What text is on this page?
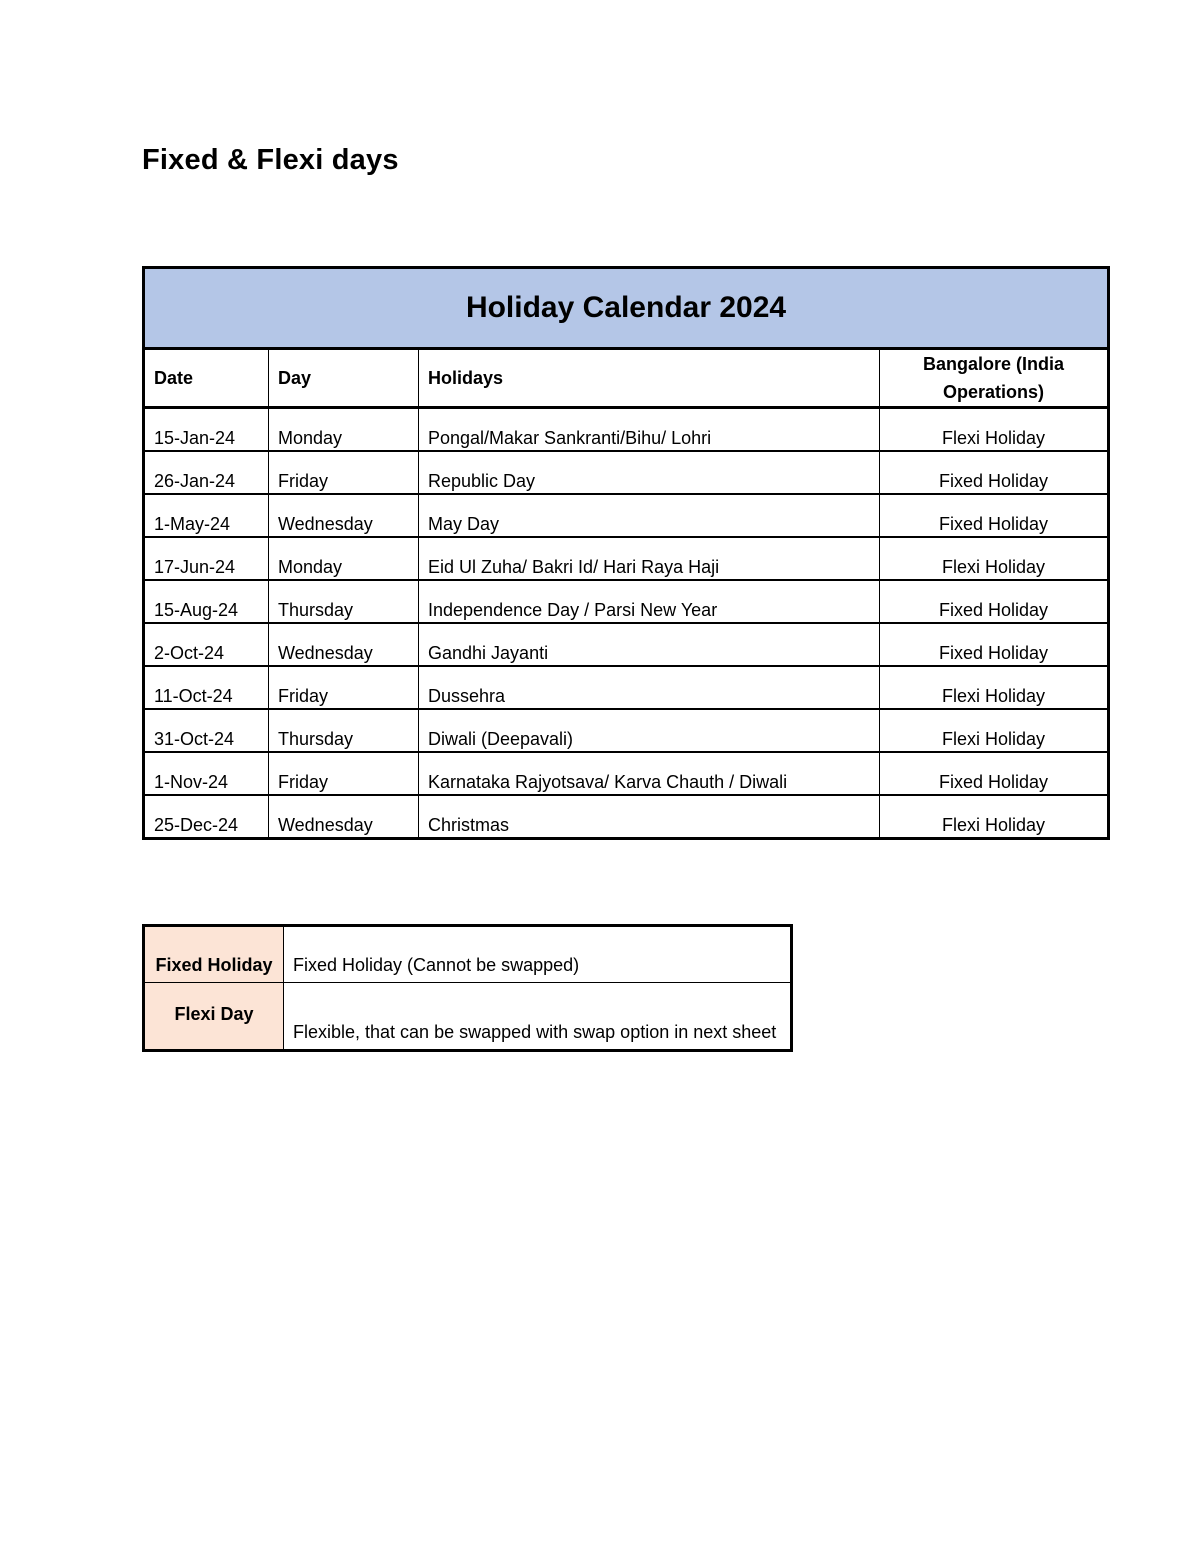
Fixed & Flexi days
Holiday Calendar 2024			
Date	Day	Holidays	Bangalore (India Operations)
15-Jan-24	Monday	Pongal/Makar Sankranti/Bihu/ Lohri	Flexi Holiday
26-Jan-24	Friday	Republic Day	Fixed Holiday
1-May-24	Wednesday	May Day	Fixed Holiday
17-Jun-24	Monday	Eid Ul Zuha/ Bakri Id/ Hari Raya Haji	Flexi Holiday
15-Aug-24	Thursday	Independence Day / Parsi New Year	Fixed Holiday
2-Oct-24	Wednesday	Gandhi Jayanti	Fixed Holiday
11-Oct-24	Friday	Dussehra	Flexi Holiday
31-Oct-24	Thursday	Diwali (Deepavali)	Flexi Holiday
1-Nov-24	Friday	Karnataka Rajyotsava/ Karva Chauth / Diwali	Fixed Holiday
25-Dec-24	Wednesday	Christmas	Flexi Holiday
Fixed Holiday	Fixed Holiday (Cannot be swapped)
Flexi Day	Flexible, that can be swapped with swap option in next sheet
